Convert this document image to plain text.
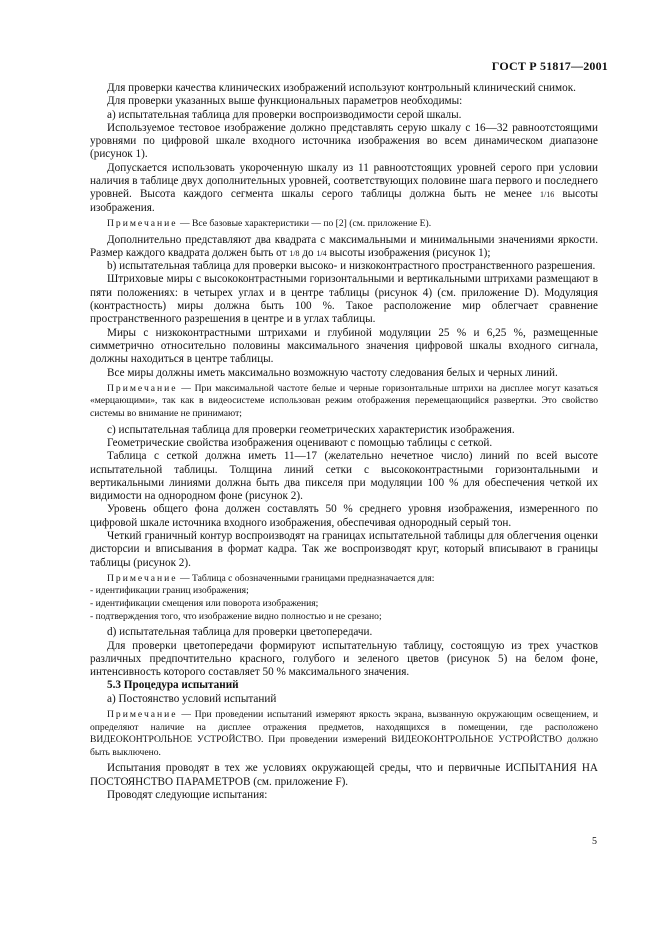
ГОСТ Р 51817—2001

Для проверки качества клинических изображений используют контрольный клинический снимок.

Для проверки указанных выше функциональных параметров необходимы:

а) испытательная таблица для проверки воспроизводимости серой шкалы.

Используемое тестовое изображение должно представлять серую шкалу с 16—32 равноотстоящими уровнями по цифровой шкале входного источника изображения во всем динамическом диапазоне (рисунок 1).

Допускается использовать укороченную шкалу из 11 равноотстоящих уровней серого при условии наличия в таблице двух дополнительных уровней, соответствующих половине шага первого и последнего уровней. Высота каждого сегмента шкалы серого таблицы должна быть не менее 1/16 высоты изображения.

Примечание — Все базовые характеристики — по [2] (см. приложение E).

Дополнительно представляют два квадрата с максимальными и минимальными значениями яркости. Размер каждого квадрата должен быть от 1/8 до 1/4 высоты изображения (рисунок 1);

b) испытательная таблица для проверки высоко- и низкоконтрастного пространственного разрешения.

Штриховые миры с высококонтрастными горизонтальными и вертикальными штрихами размещают в пяти положениях: в четырех углах и в центре таблицы (рисунок 4) (см. приложение D). Модуляция (контрастность) миры должна быть 100 %. Такое расположение мир облегчает сравнение пространственного разрешения в центре и в углах таблицы.

Миры с низкоконтрастными штрихами и глубиной модуляции 25 % и 6,25 %, размещенные симметрично относительно половины максимального значения цифровой шкалы входного сигнала, должны находиться в центре таблицы.

Все миры должны иметь максимально возможную частоту следования белых и черных линий.

Примечание — При максимальной частоте белые и черные горизонтальные штрихи на дисплее могут казаться «мерцающими», так как в видеосистеме использован режим отображения перемещающийся развертки. Это свойство системы во внимание не принимают;

с) испытательная таблица для проверки геометрических характеристик изображения.

Геометрические свойства изображения оценивают с помощью таблицы с сеткой.

Таблица с сеткой должна иметь 11—17 (желательно нечетное число) линий по всей высоте испытательной таблицы. Толщина линий сетки с высококонтрастными горизонтальными и вертикальными линиями должна быть два пикселя при модуляции 100 % для обеспечения четкой их видимости на однородном фоне (рисунок 2).

Уровень общего фона должен составлять 50 % среднего уровня изображения, измеренного по цифровой шкале источника входного изображения, обеспечивая однородный серый тон.

Четкий граничный контур воспроизводят на границах испытательной таблицы для облегчения оценки дисторсии и вписывания в формат кадра. Так же воспроизводят круг, который вписывают в границы таблицы (рисунок 2).

Примечание — Таблица с обозначенными границами предназначается для:

- идентификации границ изображения;

- идентификации смещения или поворота изображения;

- подтверждения того, что изображение видно полностью и не срезано;

d) испытательная таблица для проверки цветопередачи.

Для проверки цветопередачи формируют испытательную таблицу, состоящую из трех участков различных предпочтительно красного, голубого и зеленого цветов (рисунок 5) на белом фоне, интенсивность которого составляет 50 % максимального значения.

5.3 Процедура испытаний

а) Постоянство условий испытаний

Примечание — При проведении испытаний измеряют яркость экрана, вызванную окружающим освещением, и определяют наличие на дисплее отражения предметов, находящихся в помещении, где расположено ВИДЕОКОНТРОЛЬНОЕ УСТРОЙСТВО. При проведении измерений ВИДЕОКОНТРОЛЬНОЕ УСТРОЙСТВО должно быть выключено.

Испытания проводят в тех же условиях окружающей среды, что и первичные ИСПЫТАНИЯ НА ПОСТОЯНСТВО ПАРАМЕТРОВ (см. приложение F).

Проводят следующие испытания:

5
